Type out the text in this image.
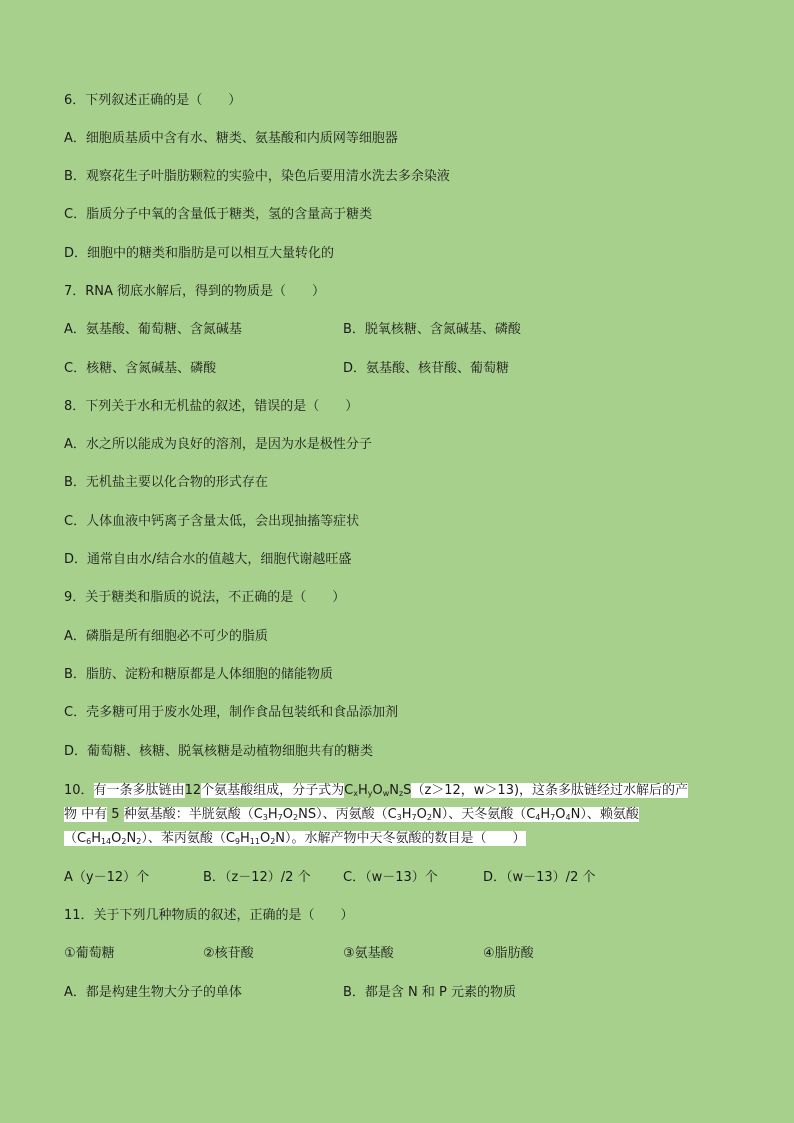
6．下列叙述正确的是（　　）
A．细胞质基质中含有水、糖类、氨基酸和内质网等细胞器
B．观察花生子叶脂肪颗粒的实验中，染色后要用清水洗去多余染液
C．脂质分子中氧的含量低于糖类，氢的含量高于糖类
D．细胞中的糖类和脂肪是可以相互大量转化的
7．RNA 彻底水解后，得到的物质是（　　）
A．氨基酸、葡萄糖、含氮碱基	B．脱氧核糖、含氮碱基、磷酸
C．核糖、含氮碱基、磷酸	D．氨基酸、核苷酸、葡萄糖
8．下列关于水和无机盐的叙述，错误的是（　　）
A．水之所以能成为良好的溶剂，是因为水是极性分子
B．无机盐主要以化合物的形式存在
C．人体血液中钙离子含量太低，会出现抽搐等症状
D．通常自由水/结合水的值越大，细胞代谢越旺盛
9．关于糖类和脂质的说法，不正确的是（　　）
A．磷脂是所有细胞必不可少的脂质
B．脂肪、淀粉和糖原都是人体细胞的储能物质
C．壳多糖可用于废水处理，制作食品包装纸和食品添加剂
D．葡萄糖、核糖、脱氧核糖是动植物细胞共有的糖类
10．有一条多肽链由12个氨基酸组成，分子式为$C_xH_yO_wN_zS(z>12$，w＞13)，这条多肽链经过水解后的产
物 中有 5 种氨基酸：半胱氨酸$(C_3H_7O_2NS)$、丙氨酸$(C_3H_7O_2N)$、天冬氨酸$(C_4H_7O_4N)$、赖氨酸
$(C_6H_{14}O_2N_2)$、苯丙氨酸$(C_9H_{11}O_2N)$。水解产物中天冬氨酸的数目是（　　）
A（y－12）个	B．（z－12）/2 个 C．（w－13）个	D．（w－13）/2 个
11．关于下列几种物质的叙述，正确的是（　　）
①葡萄糖	②核苷酸	③氨基酸	④脂肪酸
A．都是构建生物大分子的单体	B．都是含 N 和 P 元素的物质
